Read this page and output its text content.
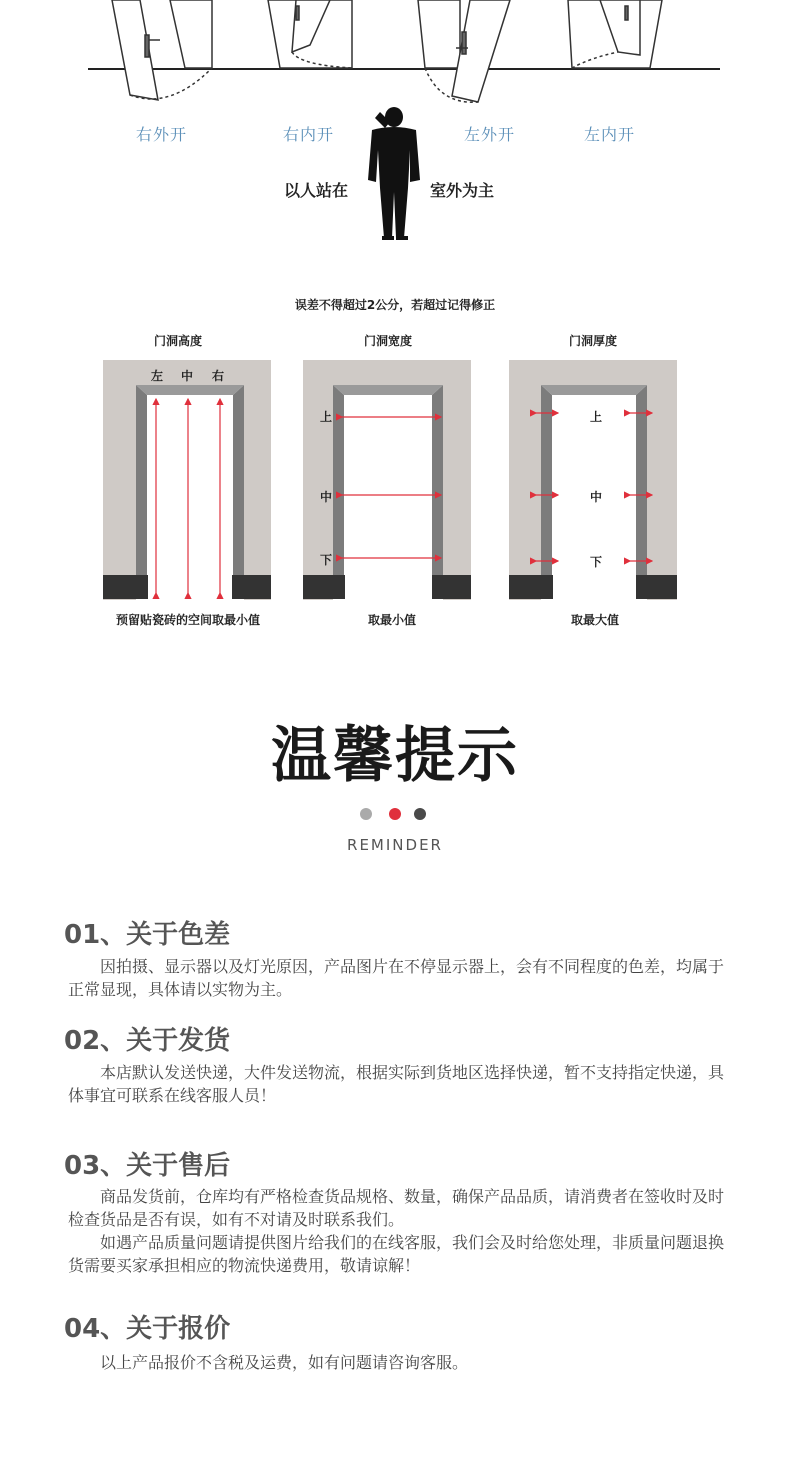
右外开	右内开	左外开	左内开
以人站在	室外为主
误差不得超过2公分，若超过记得修正
门洞高度	门洞宽度	门洞厚度
左 中 右
上
中
下
上
中
下
预留贴瓷砖的空间取最小值	取最小值	取最大值
温馨提示
REMINDER
01、关于色差

因拍摄、显示器以及灯光原因，产品图片在不停显示器上，会有不同程度的色差，均属于正常显现，具体请以实物为主。

02、关于发货

本店默认发送快递，大件发送物流，根据实际到货地区选择快递，暂不支持指定快递，具体事宜可联系在线客服人员！

03、关于售后

商品发货前，仓库均有严格检查货品规格、数量，确保产品品质，请消费者在签收时及时检查货品是否有误，如有不对请及时联系我们。

如遇产品质量问题请提供图片给我们的在线客服，我们会及时给您处理，非质量问题退换货需要买家承担相应的物流快递费用，敬请谅解！

04、关于报价

以上产品报价不含税及运费，如有问题请咨询客服。
